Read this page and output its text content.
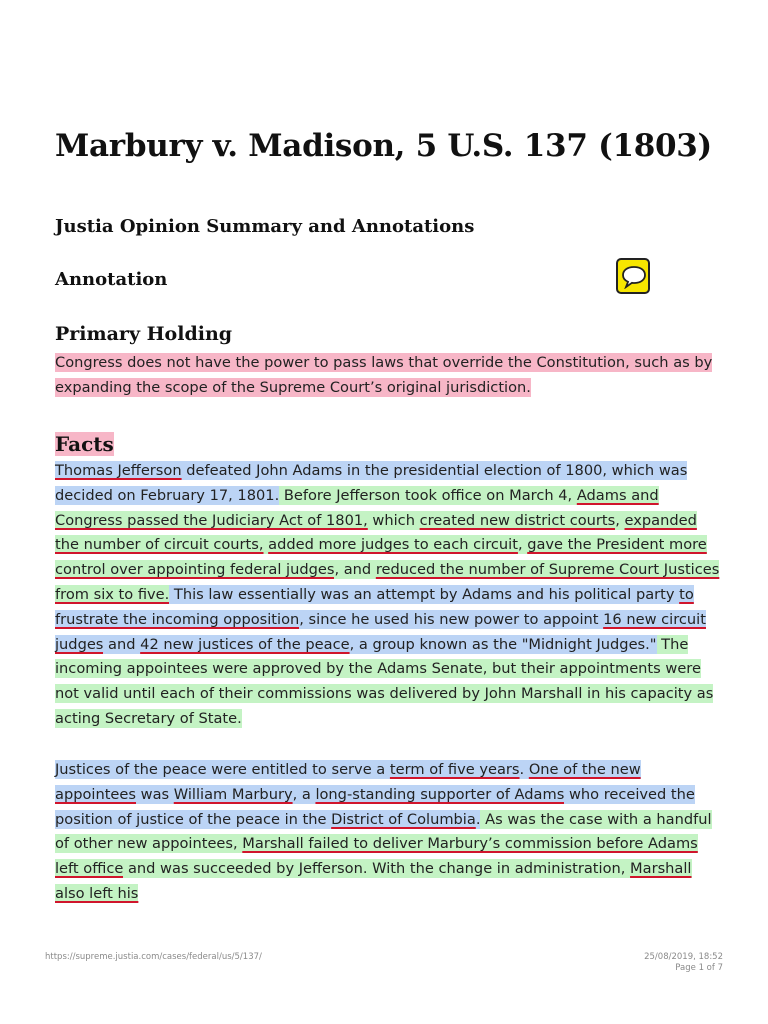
Marbury v. Madison, 5 U.S. 137 (1803)
Justia Opinion Summary and Annotations
Annotation
Primary Holding

Congress does not have the power to pass laws that override the Constitution, such as by expanding the scope of the Supreme Court’s original jurisdiction.

Facts

Thomas Jefferson defeated John Adams in the presidential election of 1800, which was decided on February 17, 1801. Before Jefferson took office on March 4, Adams and Congress passed the Judiciary Act of 1801, which created new district courts, expanded the number of circuit courts, added more judges to each circuit, gave the President more control over appointing federal judges, and reduced the number of Supreme Court Justices from six to five. This law essentially was an attempt by Adams and his political party to frustrate the incoming opposition, since he used his new power to appoint 16 new circuit judges and 42 new justices of the peace, a group known as the "Midnight Judges." The incoming appointees were approved by the Adams Senate, but their appointments were not valid until each of their commissions was delivered by John Marshall in his capacity as acting Secretary of State.

Justices of the peace were entitled to serve a term of five years. One of the new appointees was William Marbury, a long-standing supporter of Adams who received the position of justice of the peace in the District of Columbia. As was the case with a handful of other new appointees, Marshall failed to deliver Marbury’s commission before Adams left office and was succeeded by Jefferson. With the change in administration, Marshall also left his

https://supreme.justia.com/cases/federal/us/5/137/	25/08/2019, 18:52
Page 1 of 7
